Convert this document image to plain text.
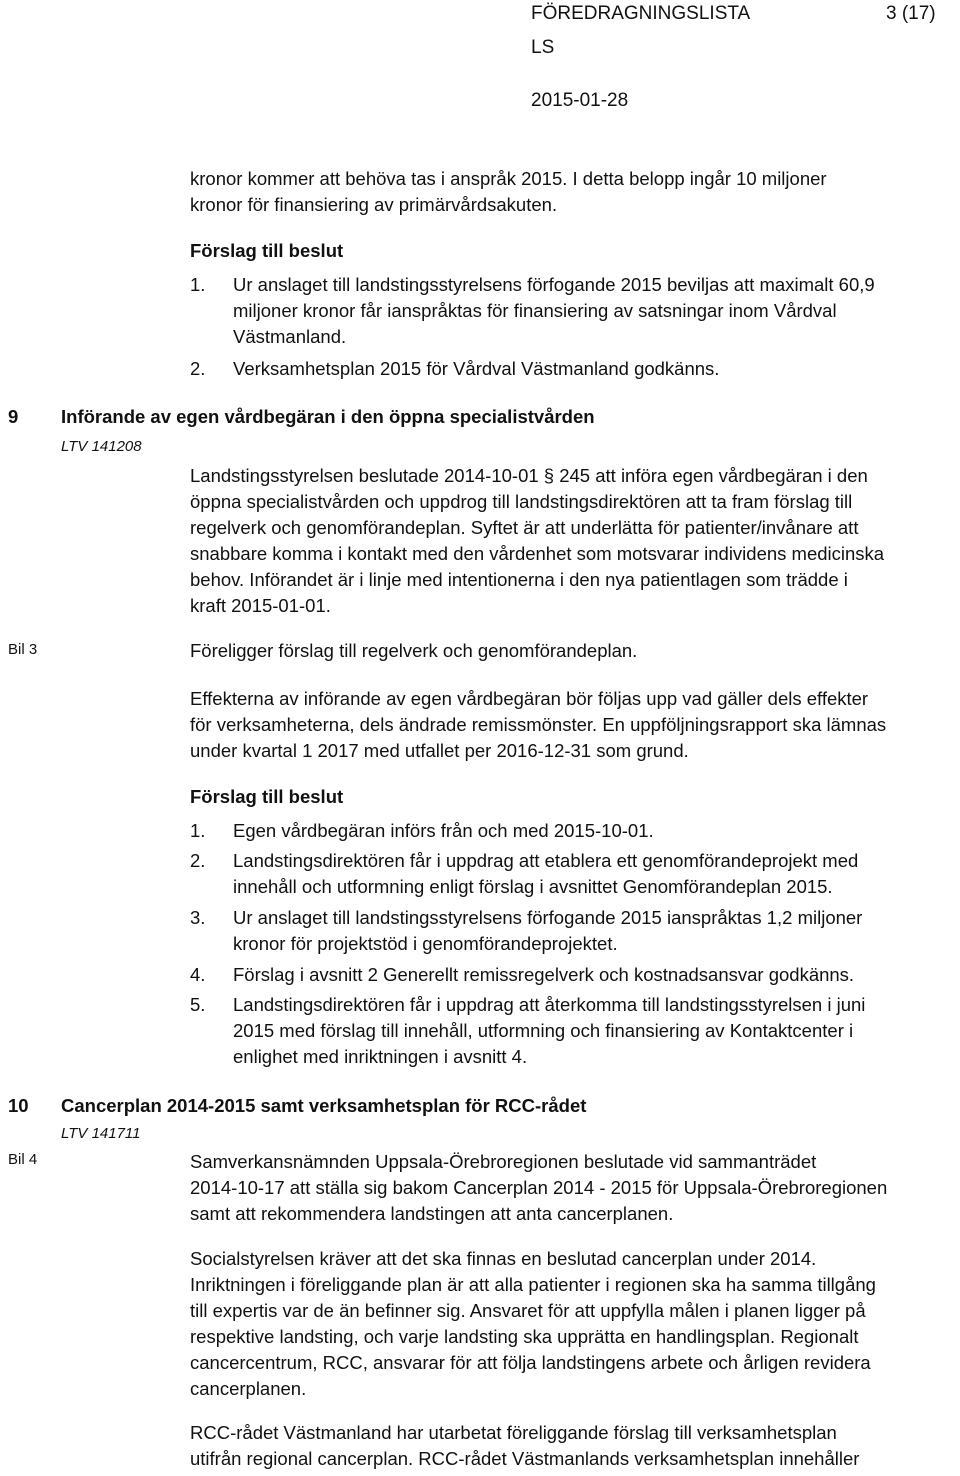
FÖREDRAGNINGSLISTA	3 (17)
LS
2015-01-28
kronor kommer att behöva tas i anspråk 2015. I detta belopp ingår 10 miljoner
kronor för finansiering av primärvårdsakuten.
Förslag till beslut
1. Ur anslaget till landstingsstyrelsens förfogande 2015 beviljas att maximalt 60,9
miljoner kronor får ianspråktas för finansiering av satsningar inom Vårdval
Västmanland.
2. Verksamhetsplan 2015 för Vårdval Västmanland godkänns.
9 Införande av egen vårdbegäran i den öppna specialistvården
LTV 141208
Landstingsstyrelsen beslutade 2014-10-01 § 245 att införa egen vårdbegäran i den
öppna specialistvården och uppdrog till landstingsdirektören att ta fram förslag till
regelverk och genomförandeplan. Syftet är att underlätta för patienter/invånare att
snabbare komma i kontakt med den vårdenhet som motsvarar individens medicinska
behov. Införandet är i linje med intentionerna i den nya patientlagen som trädde i
kraft 2015-01-01.
Bil 3	Föreligger förslag till regelverk och genomförandeplan.
Effekterna av införande av egen vårdbegäran bör följas upp vad gäller dels effekter
för verksamheterna, dels ändrade remissmönster. En uppföljningsrapport ska lämnas
under kvartal 1 2017 med utfallet per 2016-12-31 som grund.
Förslag till beslut
1. Egen vårdbegäran införs från och med 2015-10-01.
2. Landstingsdirektören får i uppdrag att etablera ett genomförandeprojekt med
innehåll och utformning enligt förslag i avsnittet Genomförandeplan 2015.
3. Ur anslaget till landstingsstyrelsens förfogande 2015 ianspråktas 1,2 miljoner
kronor för projektstöd i genomförandeprojektet.
4. Förslag i avsnitt 2 Generellt remissregelverk och kostnadsansvar godkänns.
5. Landstingsdirektören får i uppdrag att återkomma till landstingsstyrelsen i juni
2015 med förslag till innehåll, utformning och finansiering av Kontaktcenter i
enlighet med inriktningen i avsnitt 4.
10 Cancerplan 2014-2015 samt verksamhetsplan för RCC-rådet
LTV 141711
Bil 4	Samverkansnämnden Uppsala-Örebroregionen beslutade vid sammanträdet
2014-10-17 att ställa sig bakom Cancerplan 2014 - 2015 för Uppsala-Örebroregionen
samt att rekommendera landstingen att anta cancerplanen.
Socialstyrelsen kräver att det ska finnas en beslutad cancerplan under 2014.
Inriktningen i föreliggande plan är att alla patienter i regionen ska ha samma tillgång
till expertis var de än befinner sig. Ansvaret för att uppfylla målen i planen ligger på
respektive landsting, och varje landsting ska upprätta en handlingsplan. Regionalt
cancercentrum, RCC, ansvarar för att följa landstingens arbete och årligen revidera
cancerplanen.
RCC-rådet Västmanland har utarbetat föreliggande förslag till verksamhetsplan
utifrån regional cancerplan. RCC-rådet Västmanlands verksamhetsplan innehåller
